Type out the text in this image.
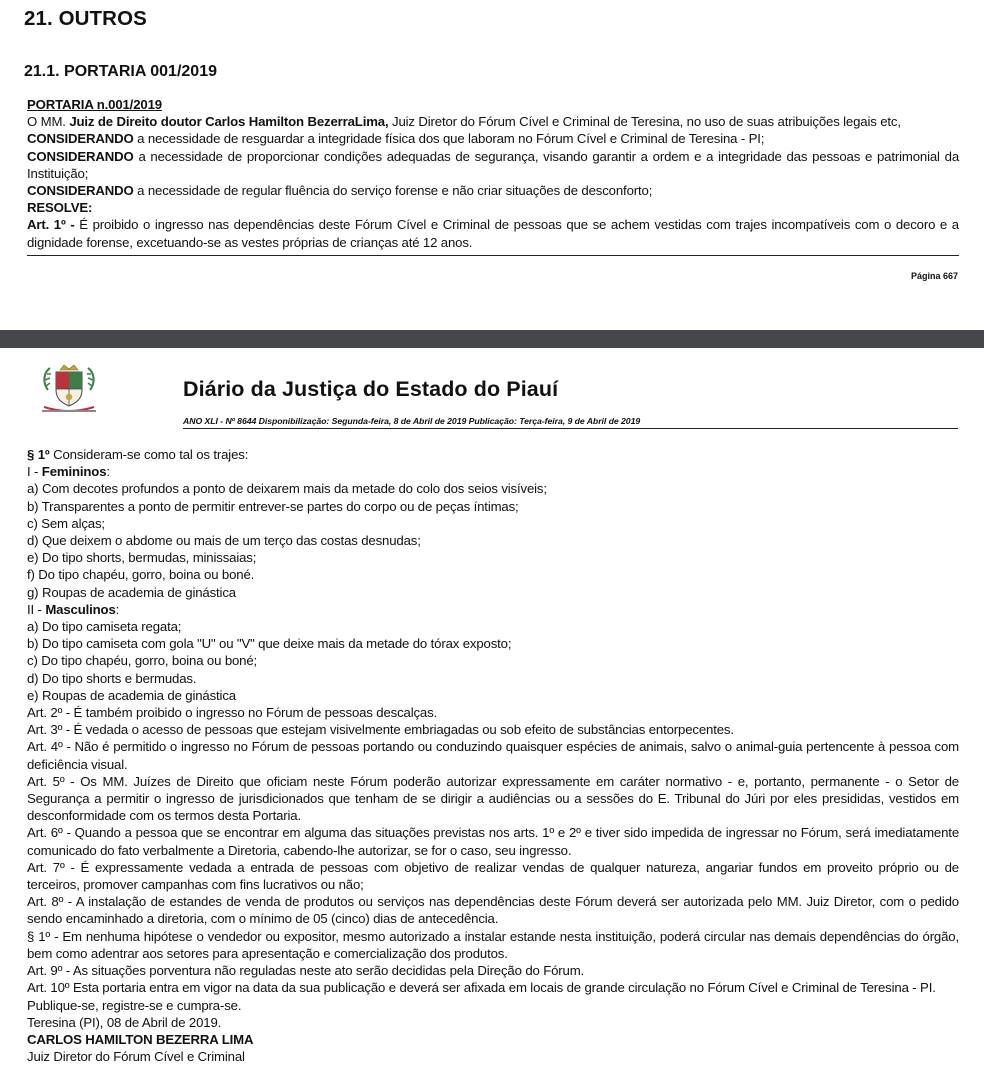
21. OUTROS
21.1. PORTARIA 001/2019

PORTARIA n.001/2019

O MM. Juiz de Direito doutor Carlos Hamilton BezerraLima, Juiz Diretor do Fórum Cível e Criminal de Teresina, no uso de suas atribuições legais etc,

CONSIDERANDO a necessidade de resguardar a integridade física dos que laboram no Fórum Cível e Criminal de Teresina - PI;

CONSIDERANDO a necessidade de proporcionar condições adequadas de segurança, visando garantir a ordem e a integridade das pessoas e patrimonial da Instituição;

CONSIDERANDO a necessidade de regular fluência do serviço forense e não criar situações de desconforto;

RESOLVE:

Art. 1º - É proibido o ingresso nas dependências deste Fórum Cível e Criminal de pessoas que se achem vestidas com trajes incompatíveis com o decoro e a dignidade forense, excetuando-se as vestes próprias de crianças até 12 anos.

Página 667
Diário da Justiça do Estado do Piauí
ANO XLI - Nº 8644 Disponibilização: Segunda-feira, 8 de Abril de 2019 Publicação: Terça-feira, 9 de Abril de 2019

§ 1º Consideram-se como tal os trajes:

I - Femininos:

a) Com decotes profundos a ponto de deixarem mais da metade do colo dos seios visíveis;

b) Transparentes a ponto de permitir entrever-se partes do corpo ou de peças íntimas;

c) Sem alças;

d) Que deixem o abdome ou mais de um terço das costas desnudas;

e) Do tipo shorts, bermudas, minissaias;

f) Do tipo chapéu, gorro, boina ou boné.

g) Roupas de academia de ginástica

II - Masculinos:

a) Do tipo camiseta regata;

b) Do tipo camiseta com gola "U" ou "V" que deixe mais da metade do tórax exposto;

c) Do tipo chapéu, gorro, boina ou boné;

d) Do tipo shorts e bermudas.

e) Roupas de academia de ginástica

Art. 2º - É também proibido o ingresso no Fórum de pessoas descalças.

Art. 3º - É vedada o acesso de pessoas que estejam visivelmente embriagadas ou sob efeito de substâncias entorpecentes.

Art. 4º - Não é permitido o ingresso no Fórum de pessoas portando ou conduzindo quaisquer espécies de animais, salvo o animal-guia pertencente à pessoa com deficiência visual.

Art. 5º - Os MM. Juízes de Direito que oficiam neste Fórum poderão autorizar expressamente em caráter normativo - e, portanto, permanente - o Setor de Segurança a permitir o ingresso de jurisdicionados que tenham de se dirigir a audiências ou a sessões do E. Tribunal do Júri por eles presididas, vestidos em desconformidade com os termos desta Portaria.

Art. 6º - Quando a pessoa que se encontrar em alguma das situações previstas nos arts. 1º e 2º e tiver sido impedida de ingressar no Fórum, será imediatamente comunicado do fato verbalmente a Diretoria, cabendo-lhe autorizar, se for o caso, seu ingresso.

Art. 7º - É expressamente vedada a entrada de pessoas com objetivo de realizar vendas de qualquer natureza, angariar fundos em proveito próprio ou de terceiros, promover campanhas com fins lucrativos ou não;

Art. 8º - A instalação de estandes de venda de produtos ou serviços nas dependências deste Fórum deverá ser autorizada pelo MM. Juiz Diretor, com o pedido sendo encaminhado a diretoria, com o mínimo de 05 (cinco) dias de antecedência.

§ 1º - Em nenhuma hipótese o vendedor ou expositor, mesmo autorizado a instalar estande nesta instituição, poderá circular nas demais dependências do órgão, bem como adentrar aos setores para apresentação e comercialização dos produtos.

Art. 9º - As situações porventura não reguladas neste ato serão decididas pela Direção do Fórum.

Art. 10º Esta portaria entra em vigor na data da sua publicação e deverá ser afixada em locais de grande circulação no Fórum Cível e Criminal de Teresina - PI.

Publique-se, registre-se e cumpra-se.

Teresina (PI), 08 de Abril de 2019.

CARLOS HAMILTON BEZERRA LIMA

Juiz Diretor do Fórum Cível e Criminal
